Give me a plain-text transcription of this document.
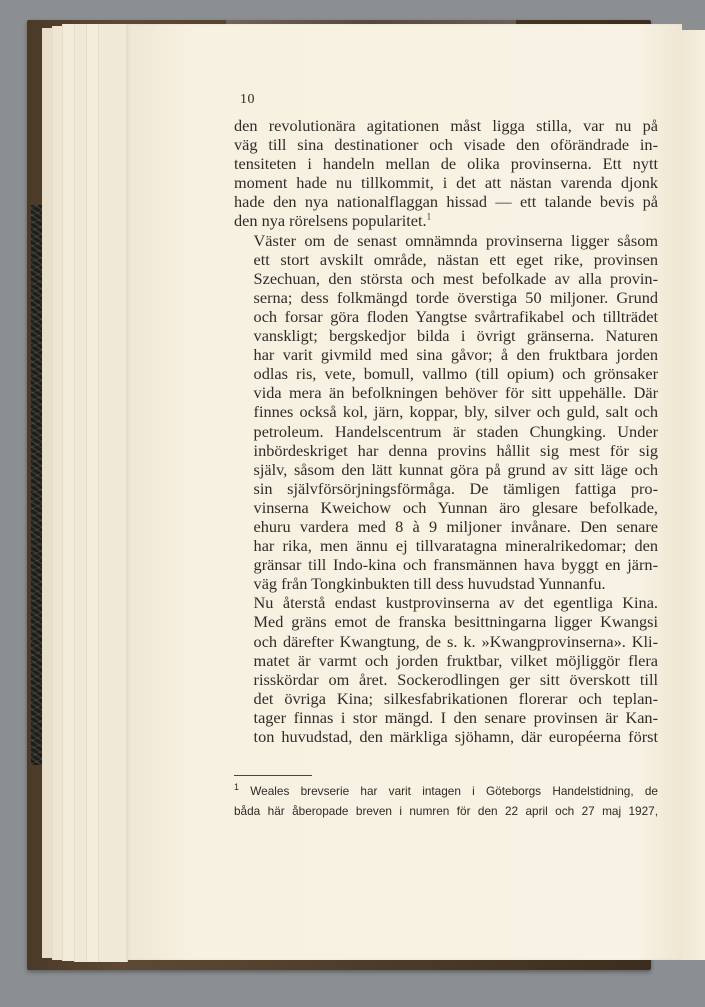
10

den revolutionära agitationen måst ligga stilla, var nu på
väg till sina destinationer och visade den oförändrade in-
tensiteten i handeln mellan de olika provinserna. Ett nytt
moment hade nu tillkommit, i det att nästan varenda djonk
hade den nya nationalflaggan hissad — ett talande bevis på
den nya rörelsens popularitet.$^1$

Väster om de senast omnämnda provinserna ligger såsom
ett stort avskilt område, nästan ett eget rike, provinsen
Szechuan, den största och mest befolkade av alla provin-
serna; dess folkmängd torde överstiga 50 miljoner. Grund
och forsar göra floden Yangtse svårtrafikabel och tillträdet
vanskligt; bergskedjor bilda i övrigt gränserna. Naturen
har varit givmild med sina gåvor; å den fruktbara jorden
odlas ris, vete, bomull, vallmo (till opium) och grönsaker
vida mera än befolkningen behöver för sitt uppehälle. Där
finnes också kol, järn, koppar, bly, silver och guld, salt och
petroleum. Handelscentrum är staden Chungking. Under
inbördeskriget har denna provins hållit sig mest för sig
själv, såsom den lätt kunnat göra på grund av sitt läge och
sin självförsörjningsförmåga. De tämligen fattiga pro-
vinserna Kweichow och Yunnan äro glesare befolkade,
ehuru vardera med 8 à 9 miljoner invånare. Den senare
har rika, men ännu ej tillvaratagna mineralrikedomar; den
gränsar till Indo-kina och fransmännen hava byggt en järn-
väg från Tongkinbukten till dess huvudstad Yunnanfu.

Nu återstå endast kustprovinserna av det egentliga Kina.
Med gräns emot de franska besittningarna ligger Kwangsi
och därefter Kwangtung, de s. k. »Kwangprovinserna». Kli-
matet är varmt och jorden fruktbar, vilket möjliggör flera
risskördar om året. Sockerodlingen ger sitt överskott till
det övriga Kina; silkesfabrikationen florerar och teplan-
tager finnas i stor mängd. I den senare provinsen är Kan-
ton huvudstad, den märkliga sjöhamn, där européerna först

$^1$ Weales brevserie har varit intagen i Göteborgs Handelstidning, de
båda här åberopade breven i numren för den 22 april och 27 maj 1927,
